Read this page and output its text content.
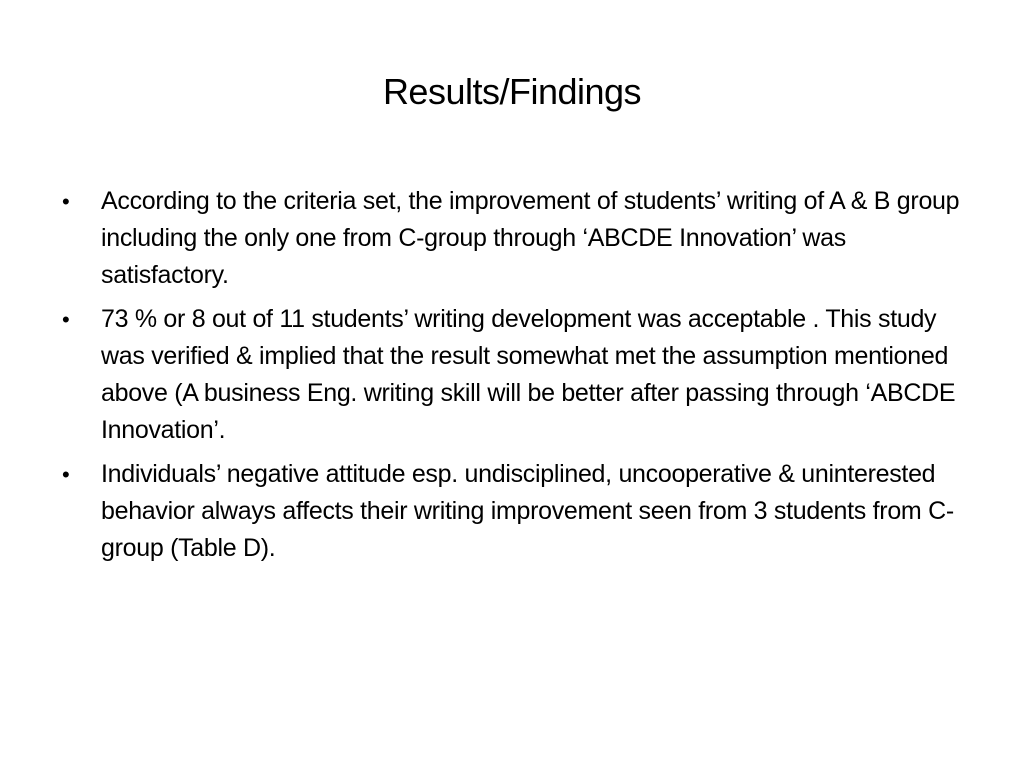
Results/Findings
•	According to the criteria set, the improvement of students’ writing of A & B group including the only one from C-group through ‘ABCDE Innovation’ was satisfactory.
•	73 % or 8 out of 11 students’ writing development was acceptable . This study was verified & implied that the result somewhat met the assumption mentioned above (A business Eng. writing skill will be better after passing through ‘ABCDE Innovation’.
•	Individuals’ negative attitude esp. undisciplined, uncooperative & uninterested behavior always affects their writing improvement seen from 3 students from C-group (Table D).
